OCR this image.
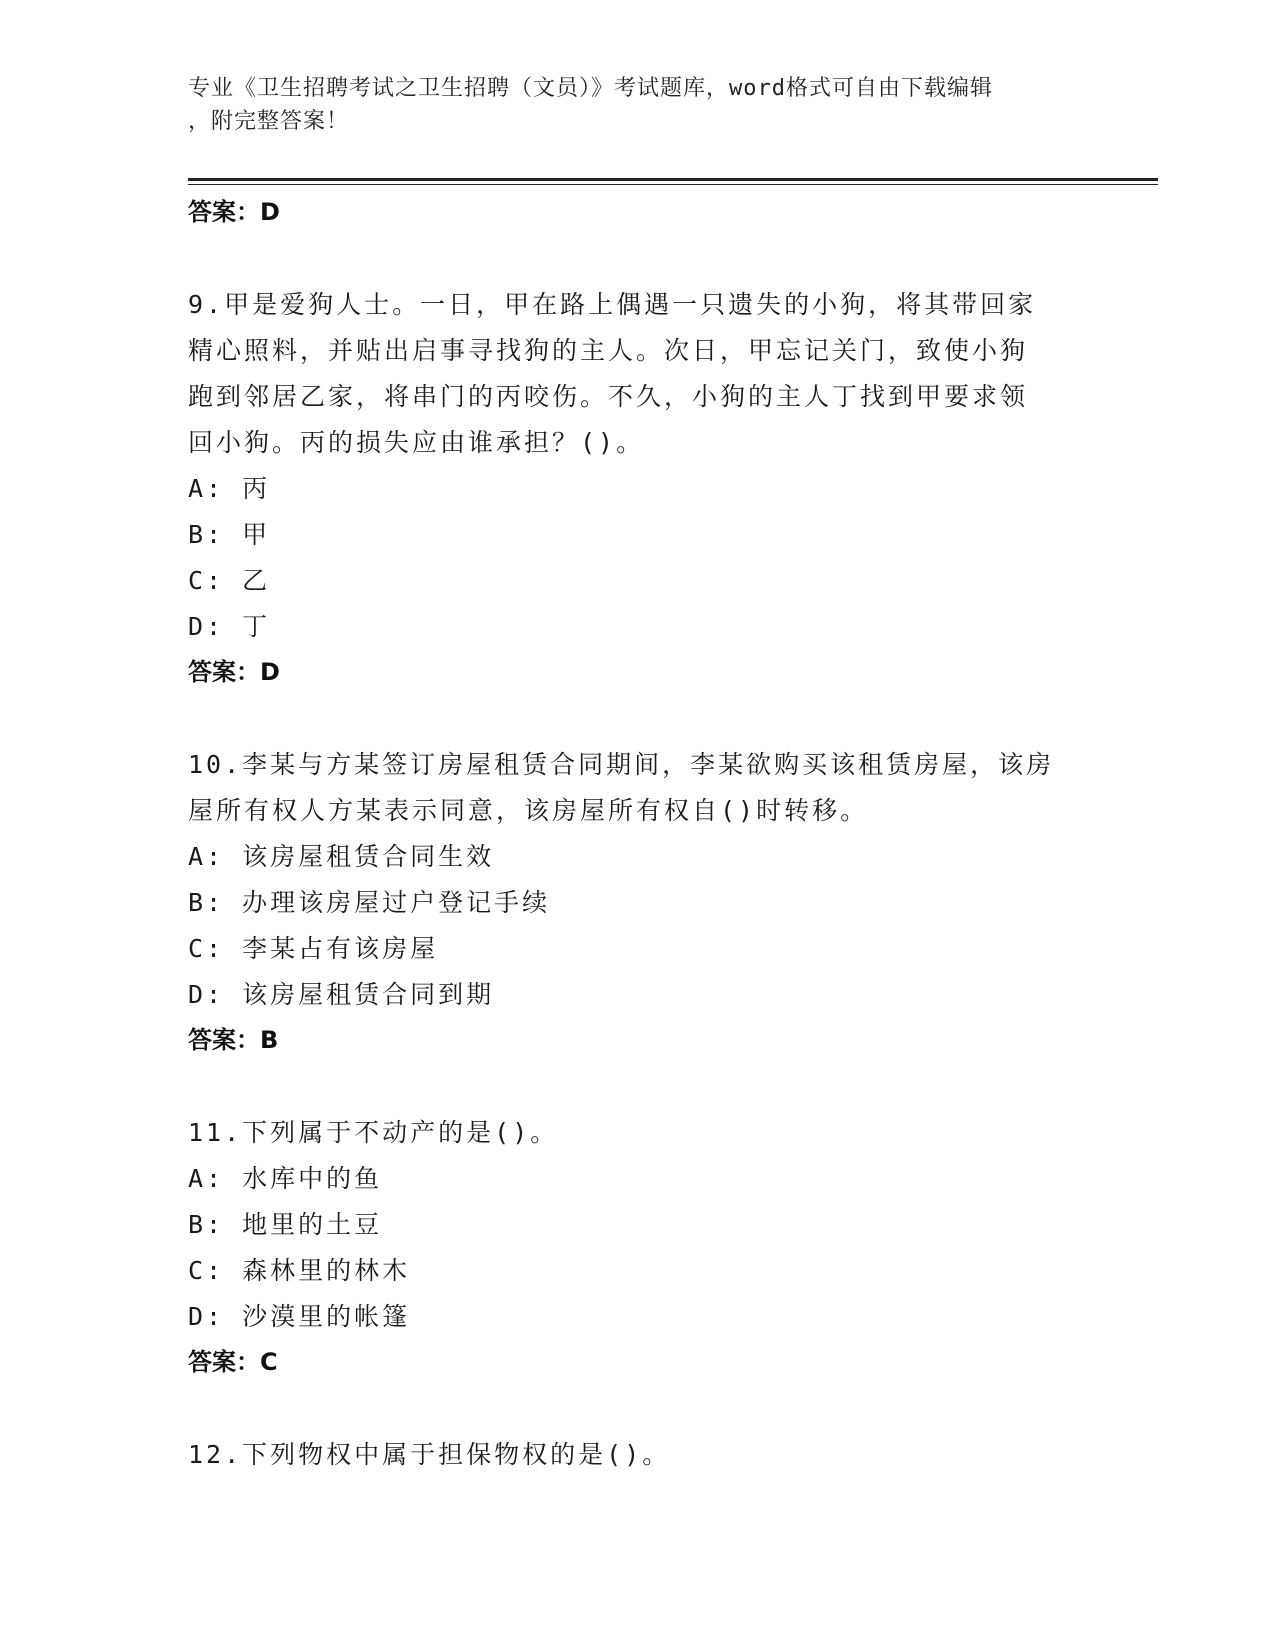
专业《卫生招聘考试之卫生招聘（文员）》考试题库，word格式可自由下载编辑
，附完整答案！
答案：D
9.甲是爱狗人士。一日，甲在路上偶遇一只遗失的小狗，将其带回家
精心照料，并贴出启事寻找狗的主人。次日，甲忘记关门，致使小狗
跑到邻居乙家，将串门的丙咬伤。不久，小狗的主人丁找到甲要求领
回小狗。丙的损失应由谁承担？()。
A: 丙
B: 甲
C: 乙
D: 丁
答案：D
10.李某与方某签订房屋租赁合同期间，李某欲购买该租赁房屋，该房
屋所有权人方某表示同意，该房屋所有权自()时转移。
A: 该房屋租赁合同生效
B: 办理该房屋过户登记手续
C: 李某占有该房屋
D: 该房屋租赁合同到期
答案：B
11.下列属于不动产的是()。
A: 水库中的鱼
B: 地里的土豆
C: 森林里的林木
D: 沙漠里的帐篷
答案：C
12.下列物权中属于担保物权的是()。
